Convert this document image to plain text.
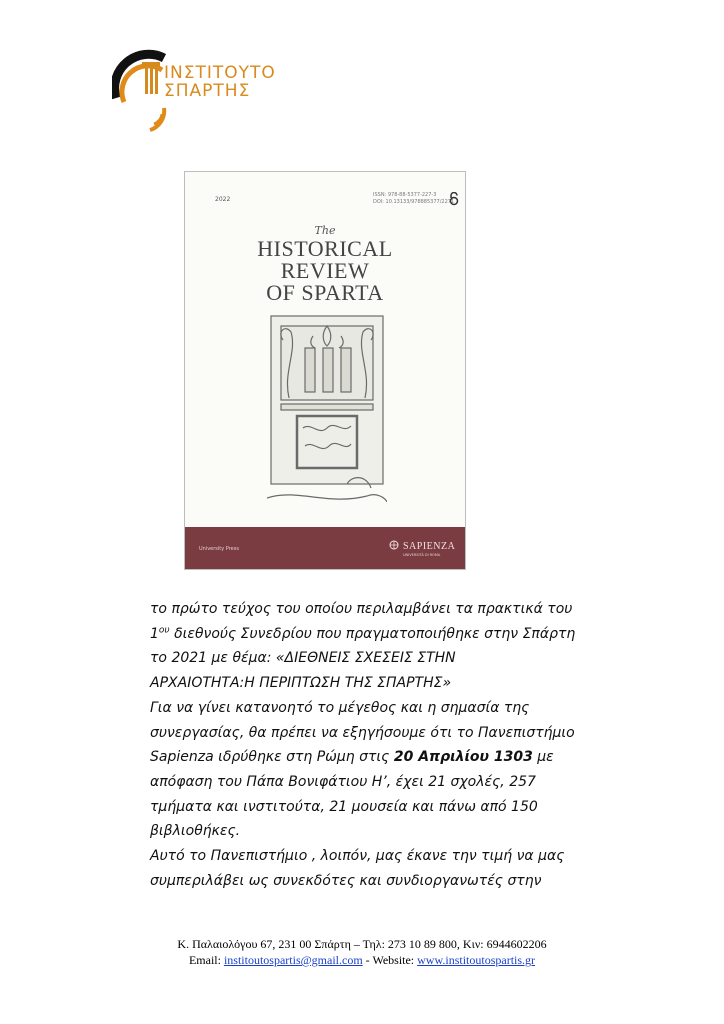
ΙΝΣΤΙΤΟΥΤΟ
ΣΠΑΡΤΗΣ
2022
ISSN: 978-88-5377-227-3
DOI: 10.13133/978885377/2271
The
HISTORICAL
REVIEW
OF SPARTA
University Press	SAPIENZA
UNIVERSITÀ DI ROMA

το πρώτο τεύχος του οποίου περιλαμβάνει τα πρακτικά του

$1^{o\upsilon}$ διεθνούς Συνεδρίου που πραγματοποιήθηκε στην Σπάρτη

το 2021 με θέμα: «ΔΙΕΘΝΕΙΣ ΣΧΕΣΕΙΣ ΣΤΗΝ

ΑΡΧΑΙΟΤΗΤΑ:Η ΠΕΡΙΠΤΩΣΗ ΤΗΣ ΣΠΑΡΤΗΣ»

Για να γίνει κατανοητό το μέγεθος και η σημασία της

συνεργασίας, θα πρέπει να εξηγήσουμε ότι το Πανεπιστήμιο

Sapienza ιδρύθηκε στη Ρώμη στις 20 Απριλίου 1303 με

απόφαση του Πάπα Βονιφάτιου Η’, έχει 21 σχολές, 257

τμήματα και ινστιτούτα, 21 μουσεία και πάνω από 150

βιβλιοθήκες.

Αυτό το Πανεπιστήμιο , λοιπόν, μας έκανε την τιμή να μας

συμπεριλάβει ως συνεκδότες και συνδιοργανωτές στην

Κ. Παλαιολόγου 67, 231 00 Σπάρτη – Τηλ: 273 10 89 800, Κιν: 6944602206
Email: institoutospartis@gmail.com - Website: www.institoutospartis.gr
